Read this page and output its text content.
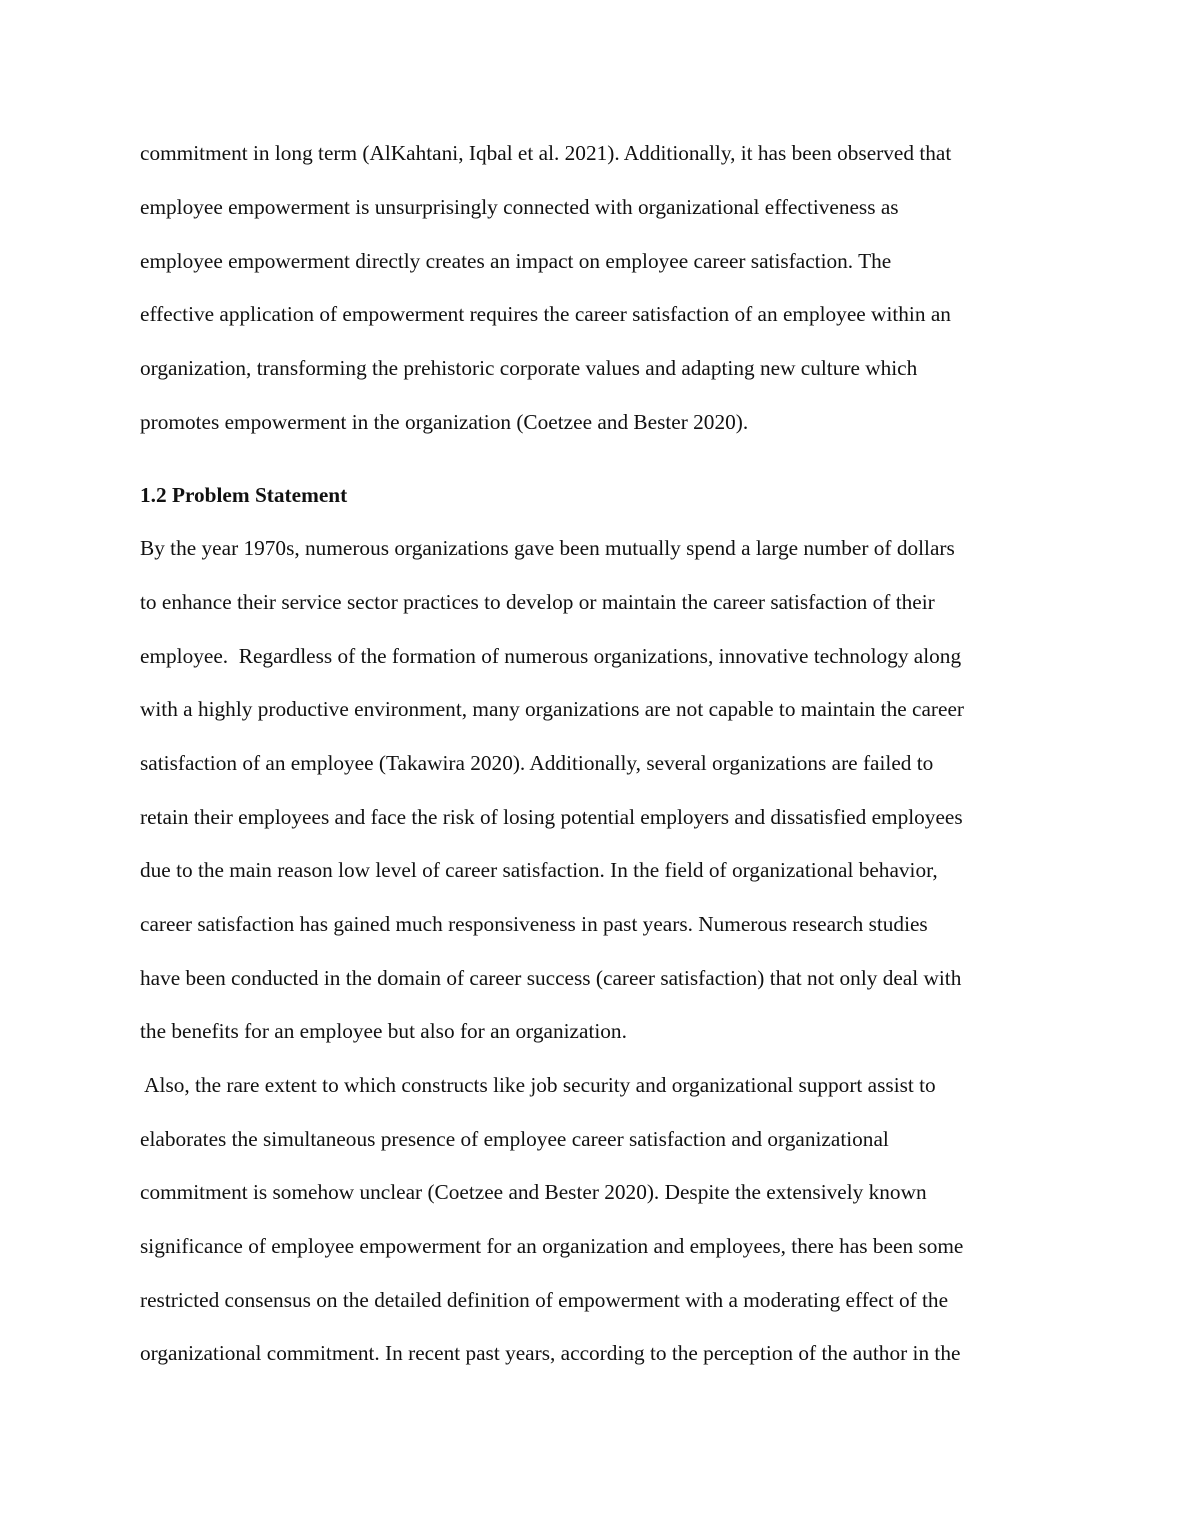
commitment in long term (AlKahtani, Iqbal et al. 2021). Additionally, it has been observed that

employee empowerment is unsurprisingly connected with organizational effectiveness as

employee empowerment directly creates an impact on employee career satisfaction. The

effective application of empowerment requires the career satisfaction of an employee within an

organization, transforming the prehistoric corporate values and adapting new culture which

promotes empowerment in the organization (Coetzee and Bester 2020).

1.2 Problem Statement

By the year 1970s, numerous organizations gave been mutually spend a large number of dollars

to enhance their service sector practices to develop or maintain the career satisfaction of their

employee.  Regardless of the formation of numerous organizations, innovative technology along

with a highly productive environment, many organizations are not capable to maintain the career

satisfaction of an employee (Takawira 2020). Additionally, several organizations are failed to

retain their employees and face the risk of losing potential employers and dissatisfied employees

due to the main reason low level of career satisfaction. In the field of organizational behavior,

career satisfaction has gained much responsiveness in past years. Numerous research studies

have been conducted in the domain of career success (career satisfaction) that not only deal with

the benefits for an employee but also for an organization.

Also, the rare extent to which constructs like job security and organizational support assist to

elaborates the simultaneous presence of employee career satisfaction and organizational

commitment is somehow unclear (Coetzee and Bester 2020). Despite the extensively known

significance of employee empowerment for an organization and employees, there has been some

restricted consensus on the detailed definition of empowerment with a moderating effect of the

organizational commitment. In recent past years, according to the perception of the author in the
